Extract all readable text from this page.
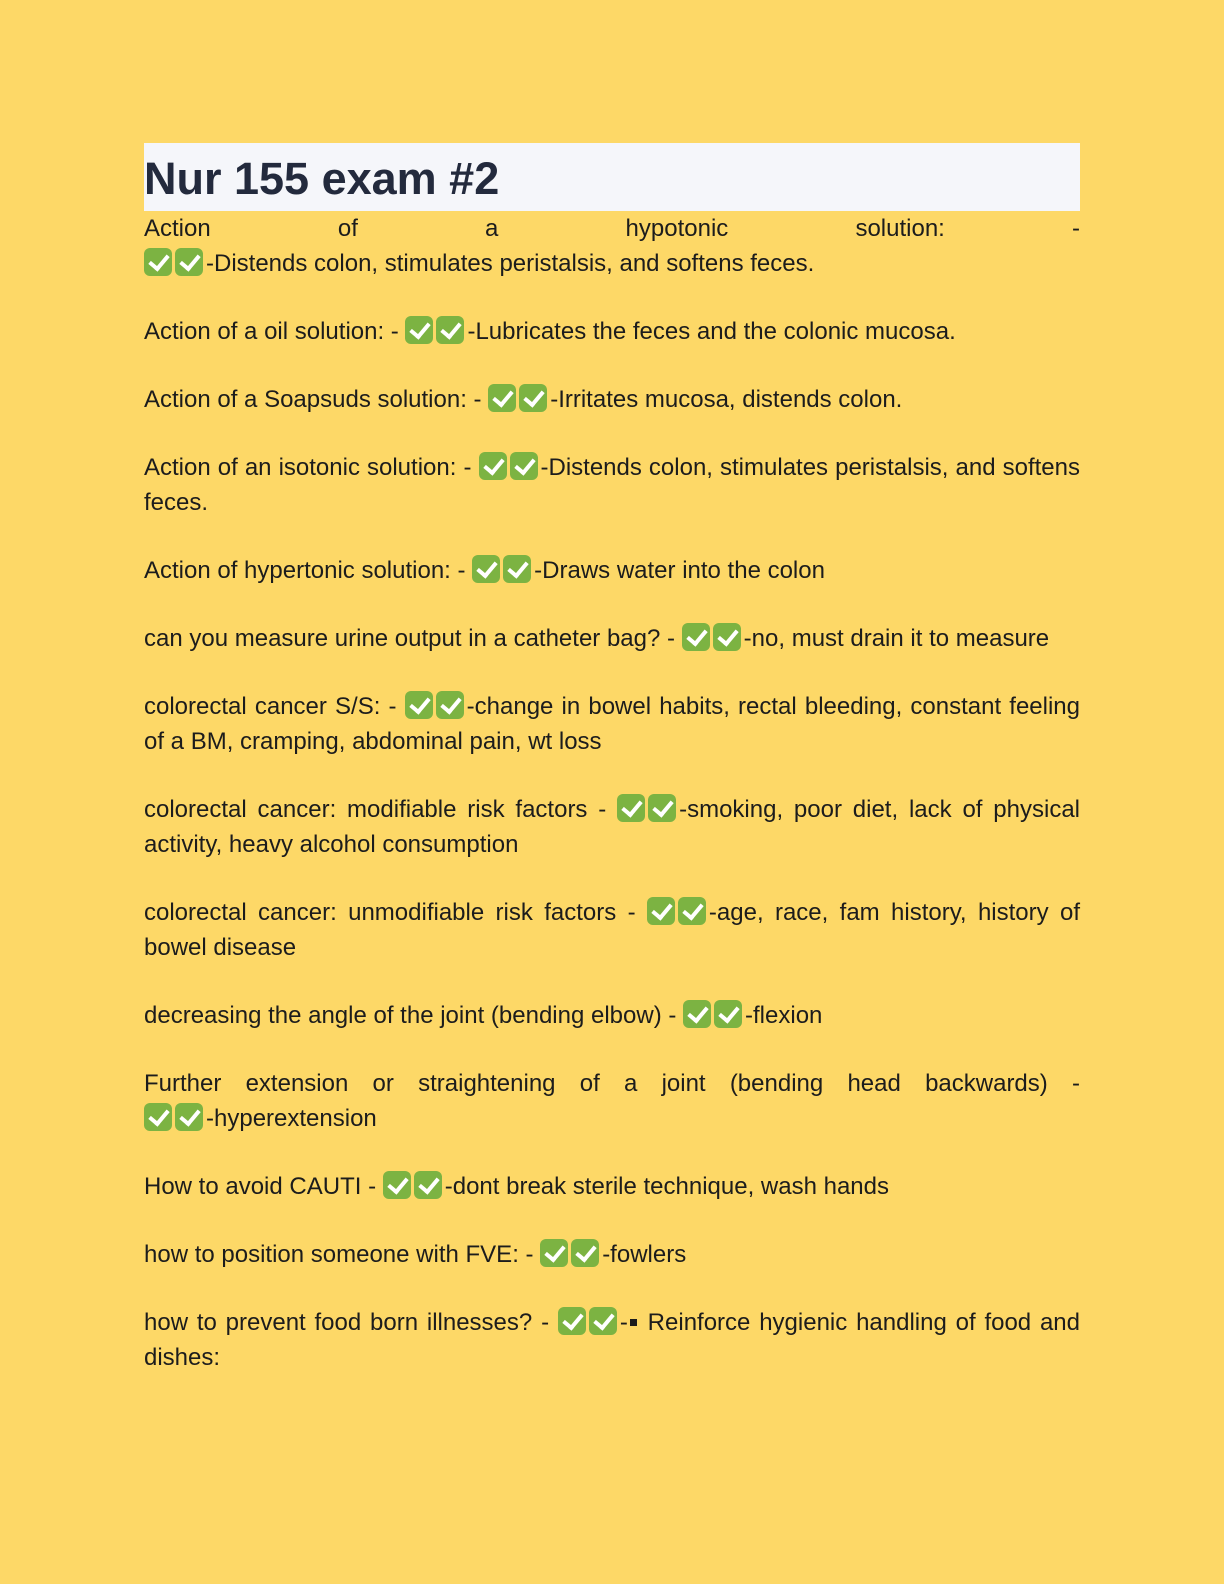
Nur 155 exam #2

Action of a hypotonic solution: - -Distends colon, stimulates peristalsis, and softens feces.

Action of a oil solution: -	-Lubricates the feces and the colonic mucosa.

Action of a Soapsuds solution: -	-Irritates mucosa, distends colon.

Action of an isotonic solution: -	-Distends colon, stimulates peristalsis, and softens feces.

Action of hypertonic solution: -	-Draws water into the colon

can you measure urine output in a catheter bag? -	-no, must drain it to measure

colorectal cancer S/S: -	-change in bowel habits, rectal bleeding, constant feeling of a BM, cramping, abdominal pain, wt loss

colorectal cancer: modifiable risk factors -	-smoking, poor diet, lack of physical activity, heavy alcohol consumption

colorectal cancer: unmodifiable risk factors -	-age, race, fam history, history of bowel disease

decreasing the angle of the joint (bending elbow) -	-flexion

Further extension or straightening of a joint (bending head backwards) - -hyperextension

How to avoid CAUTI -	-dont break sterile technique, wash hands

how to position someone with FVE: -	-fowlers

how to prevent food born illnesses? -	- Reinforce hygienic handling of food and dishes:
